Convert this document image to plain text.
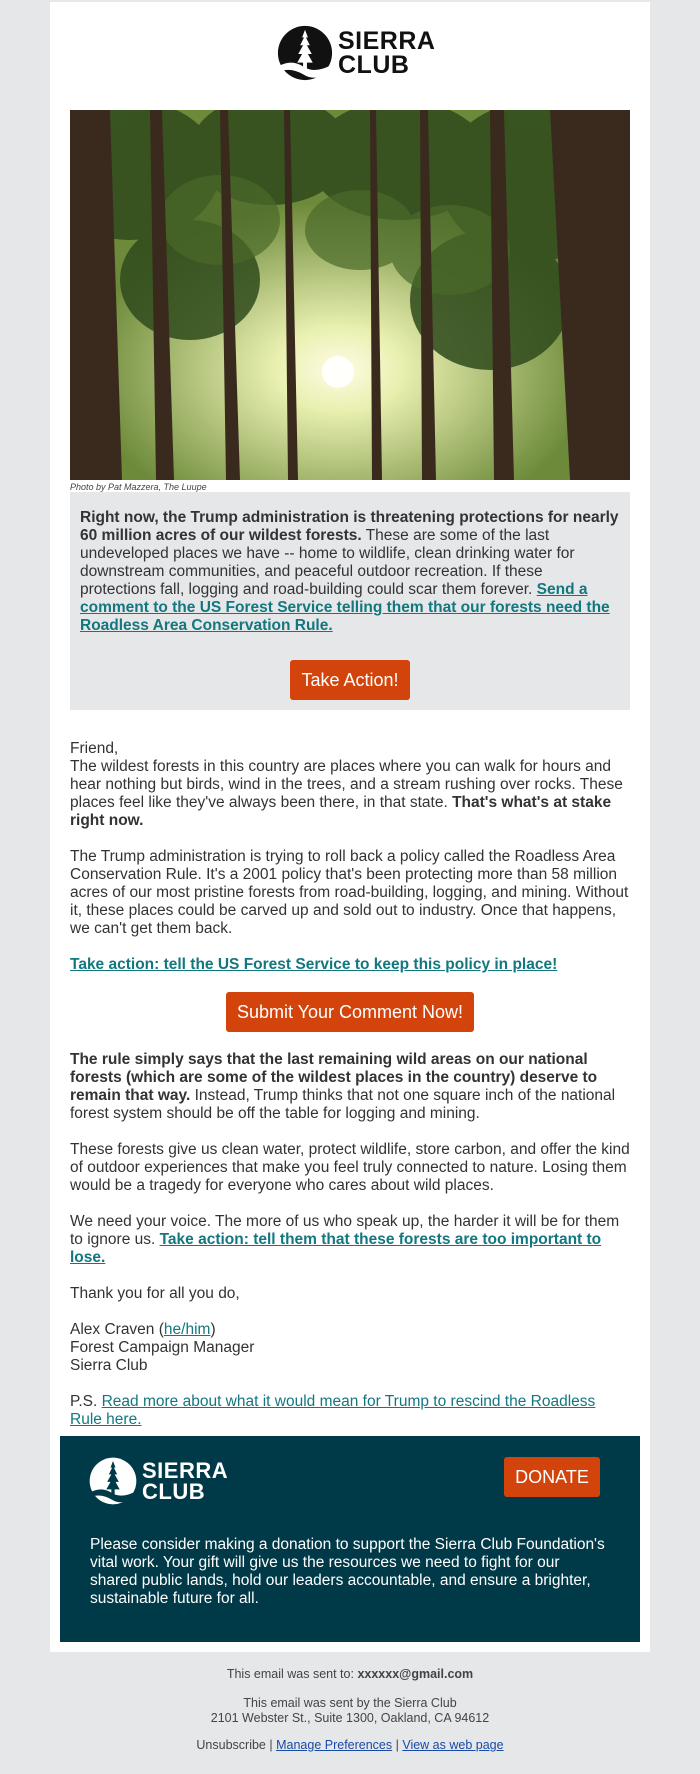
SIERRA
CLUB
Photo by Pat Mazzera, The Luupe

Right now, the Trump administration is threatening protections for nearly 60 million acres of our wildest forests. These are some of the last undeveloped places we have -- home to wildlife, clean drinking water for downstream communities, and peaceful outdoor recreation. If these protections fall, logging and road-building could scar them forever. Send a comment to the US Forest Service telling them that our forests need the Roadless Area Conservation Rule.

Take Action!

Friend,

The wildest forests in this country are places where you can walk for hours and hear nothing but birds, wind in the trees, and a stream rushing over rocks. These places feel like they've always been there, in that state. That's what's at stake right now.

The Trump administration is trying to roll back a policy called the Roadless Area Conservation Rule. It's a 2001 policy that's been protecting more than 58 million acres of our most pristine forests from road-building, logging, and mining. Without it, these places could be carved up and sold out to industry. Once that happens, we can't get them back.

Take action: tell the US Forest Service to keep this policy in place!

Submit Your Comment Now!

The rule simply says that the last remaining wild areas on our national forests (which are some of the wildest places in the country) deserve to remain that way. Instead, Trump thinks that not one square inch of the national forest system should be off the table for logging and mining.

These forests give us clean water, protect wildlife, store carbon, and offer the kind of outdoor experiences that make you feel truly connected to nature. Losing them would be a tragedy for everyone who cares about wild places.

We need your voice. The more of us who speak up, the harder it will be for them to ignore us. Take action: tell them that these forests are too important to lose.

Thank you for all you do,

Alex Craven (he/him)
Forest Campaign Manager
Sierra Club

P.S. Read more about what it would mean for Trump to rescind the Roadless Rule here.

SIERRA
CLUB
DONATE
Please consider making a donation to support the Sierra Club Foundation's vital work. Your gift will give us the resources we need to fight for our shared public lands, hold our leaders accountable, and ensure a brighter, sustainable future for all.
This email was sent to: xxxxxx@gmail.com
This email was sent by the Sierra Club
2101 Webster St., Suite 1300, Oakland, CA 94612
Unsubscribe | Manage Preferences | View as web page
